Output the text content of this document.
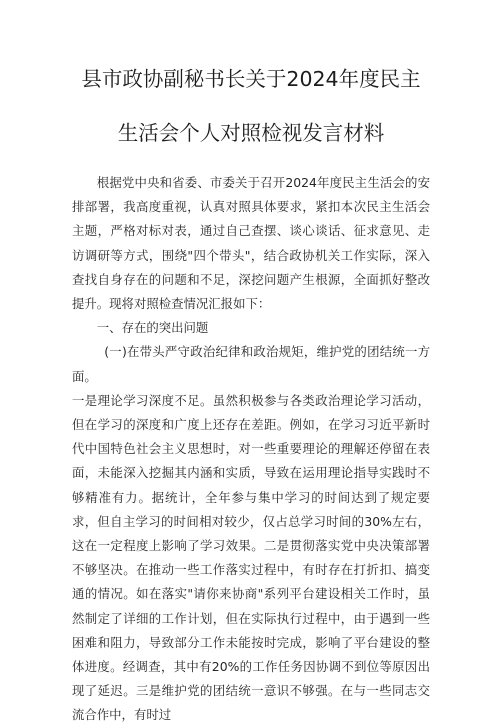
县市政协副秘书长关于2024年度民主
生活会个人对照检视发言材料

根据党中央和省委、市委关于召开2024年度民主生活会的安排部署，我高度重视，认真对照具体要求，紧扣本次民主生活会主题，严格对标对表，通过自己查摆、谈心谈话、征求意见、走访调研等方式，围绕"四个带头"，结合政协机关工作实际，深入查找自身存在的问题和不足，深挖问题产生根源，全面抓好整改提升。现将对照检查情况汇报如下：

一、存在的突出问题

(一)在带头严守政治纪律和政治规矩，维护党的团结统一方面。

一是理论学习深度不足。虽然积极参与各类政治理论学习活动，但在学习的深度和广度上还存在差距。例如，在学习习近平新时代中国特色社会主义思想时，对一些重要理论的理解还停留在表面，未能深入挖掘其内涵和实质，导致在运用理论指导实践时不够精准有力。据统计，全年参与集中学习的时间达到了规定要求，但自主学习的时间相对较少，仅占总学习时间的30%左右，这在一定程度上影响了学习效果。二是贯彻落实党中央决策部署不够坚决。在推动一些工作落实过程中，有时存在打折扣、搞变通的情况。如在落实"请你来协商"系列平台建设相关工作时，虽然制定了详细的工作计划，但在实际执行过程中，由于遇到一些困难和阻力，导致部分工作未能按时完成，影响了平台建设的整体进度。经调查，其中有20%的工作任务因协调不到位等原因出现了延迟。三是维护党的团结统一意识不够强。在与一些同志交流合作中，有时过
